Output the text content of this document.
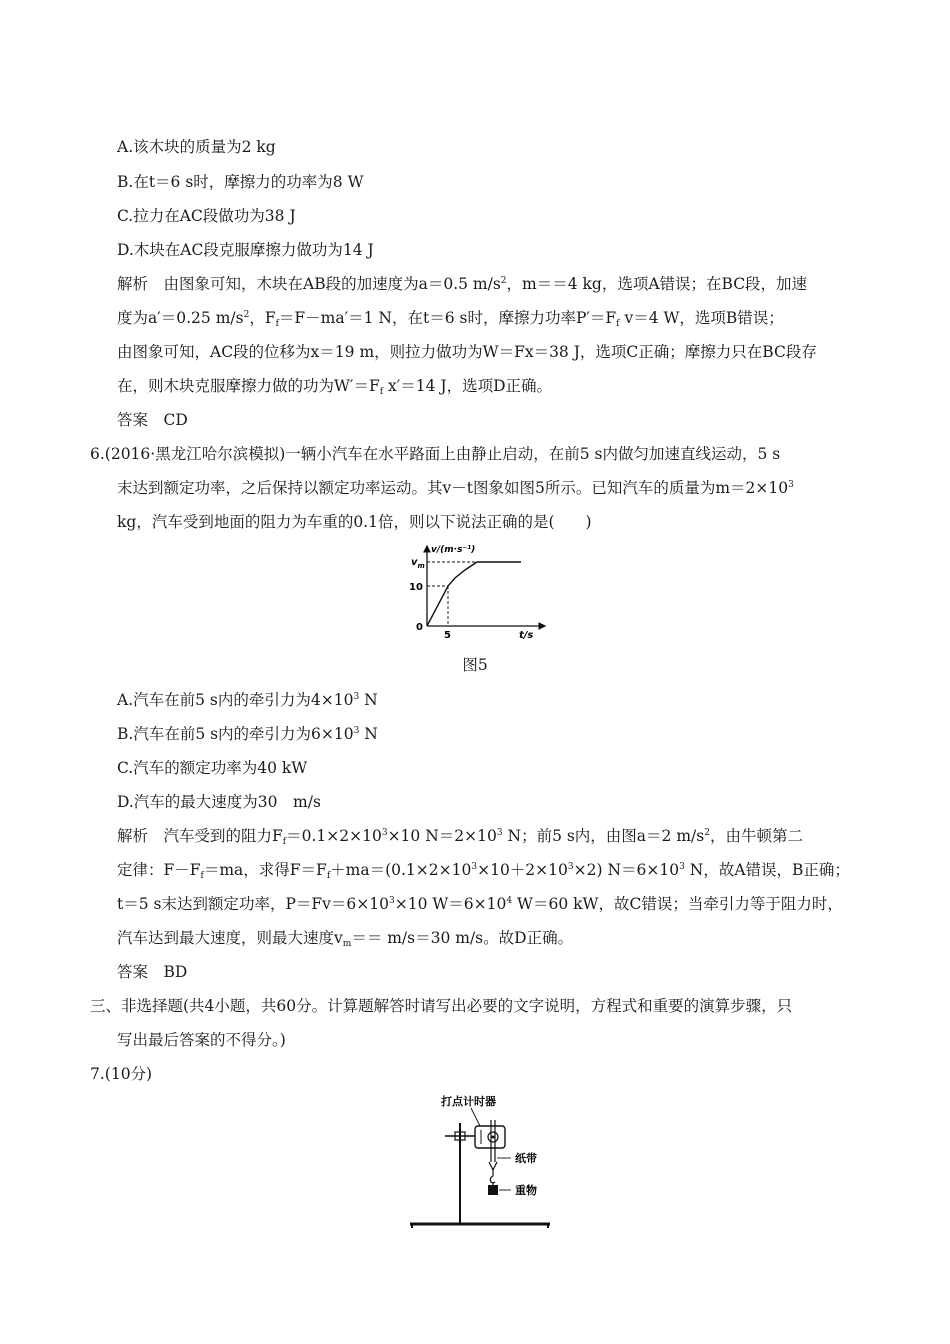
A.该木块的质量为2 kg
B.在t＝6 s时，摩擦力的功率为8 W
C.拉力在AC段做功为38 J
D.木块在AC段克服摩擦力做功为14 J
解析　由图象可知，木块在AB段的加速度为a＝0.5 $m/s^2$，m＝＝4 kg，选项A错误；在BC段，加速
度为a′＝0.25 $m/s^2$，$F_f=F-ma'=1$ N，在t＝6 s时，摩擦力功率$P'=F_f$ v＝4 W，选项B错误；
由图象可知，AC段的位移为x＝19 m，则拉力做功为W＝Fx＝38 J，选项C正确；摩擦力只在BC段存
在，则木块克服摩擦力做的功为$W'=F_f$ x′＝14 J，选项D正确。
答案　CD
6.(2016·黑龙江哈尔滨模拟)一辆小汽车在水平路面上由静止启动，在前5 s内做匀加速直线运动，5 s
末达到额定功率，之后保持以额定功率运动。其v－t图象如图5所示。已知汽车的质量为$m=2\times 10^3$
kg，汽车受到地面的阻力为车重的0.1倍，则以下说法正确的是(　　)
v/(m·s⁻¹)
$v_m$
10
0
5	t/s
图5
A.汽车在前5 s内的牵引力为$4\times 10^3$ N
B.汽车在前5 s内的牵引力为$6\times 10^3$ N
C.汽车的额定功率为40 kW
D.汽车的最大速度为30　m/s
解析　汽车受到的阻力$F_f=0.1\times 2\times 10^3\times 10$ $N=2\times 10^3$ N；前5 s内，由图a＝2 $m/s^2$，由牛顿第二
定律：$F-F_f=ma$，求得$F=F_f+ma=(0.1\times 2\times 10^3\times 10+2\times 10^3\times 2)$ $N=6\times 10^3$ N，故A错误，B正确；
t＝5 s末达到额定功率，$P=Fv=6\times 10^3\times 10$ $W=6\times 10^4$ W＝60 kW，故C错误；当牵引力等于阻力时，
汽车达到最大速度，则最大速度$v_m== m/s=30$ m/s。故D正确。
答案　BD
三、非选择题(共4小题，共60分。计算题解答时请写出必要的文字说明，方程式和重要的演算步骤，只
写出最后答案的不得分。)
7.(10分)
打点计时器
纸带
重物
